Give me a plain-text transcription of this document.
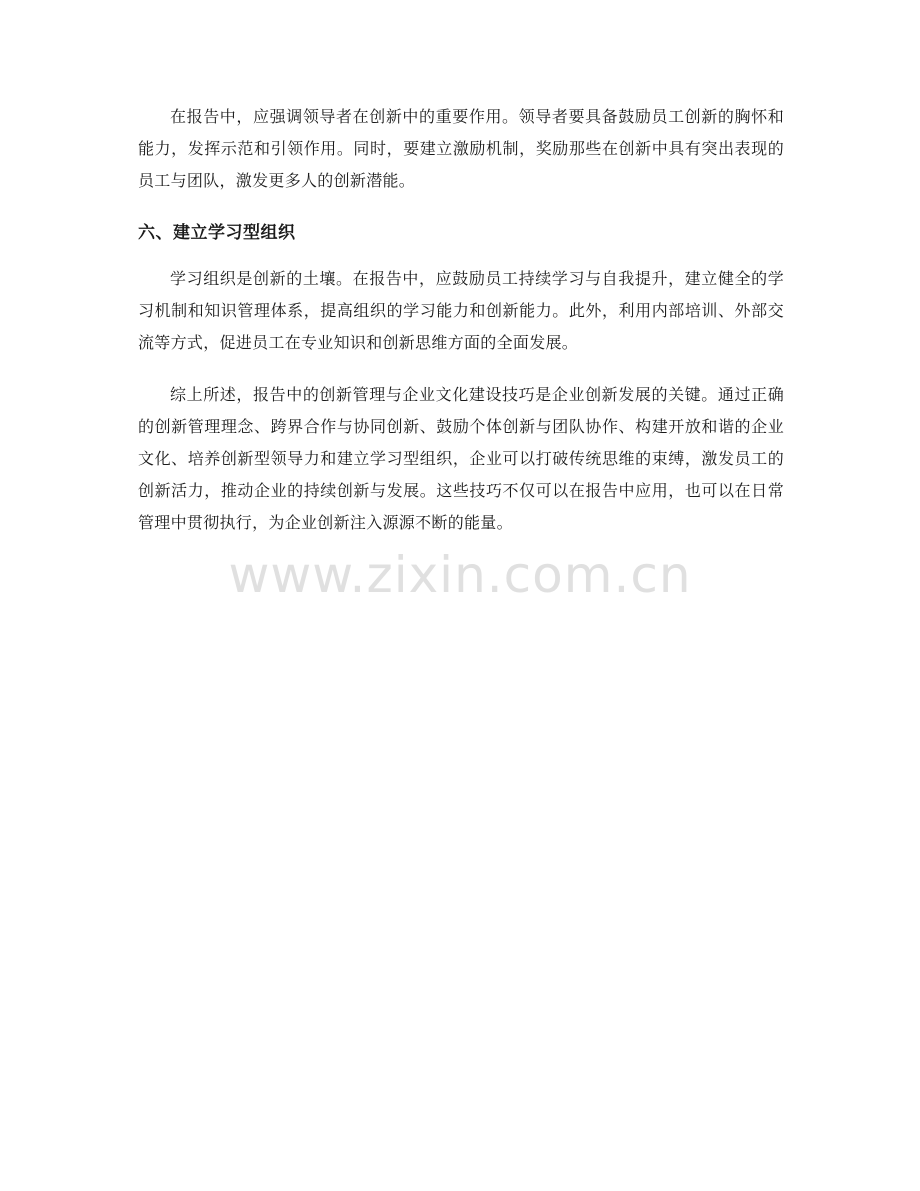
在报告中，应强调领导者在创新中的重要作用。领导者要具备鼓励员工创新的胸怀和能力，发挥示范和引领作用。同时，要建立激励机制，奖励那些在创新中具有突出表现的员工与团队，激发更多人的创新潜能。

六、建立学习型组织

学习组织是创新的土壤。在报告中，应鼓励员工持续学习与自我提升，建立健全的学习机制和知识管理体系，提高组织的学习能力和创新能力。此外，利用内部培训、外部交流等方式，促进员工在专业知识和创新思维方面的全面发展。

综上所述，报告中的创新管理与企业文化建设技巧是企业创新发展的关键。通过正确的创新管理理念、跨界合作与协同创新、鼓励个体创新与团队协作、构建开放和谐的企业文化、培养创新型领导力和建立学习型组织，企业可以打破传统思维的束缚，激发员工的创新活力，推动企业的持续创新与发展。这些技巧不仅可以在报告中应用，也可以在日常管理中贯彻执行，为企业创新注入源源不断的能量。

www.zixin.com.cn
